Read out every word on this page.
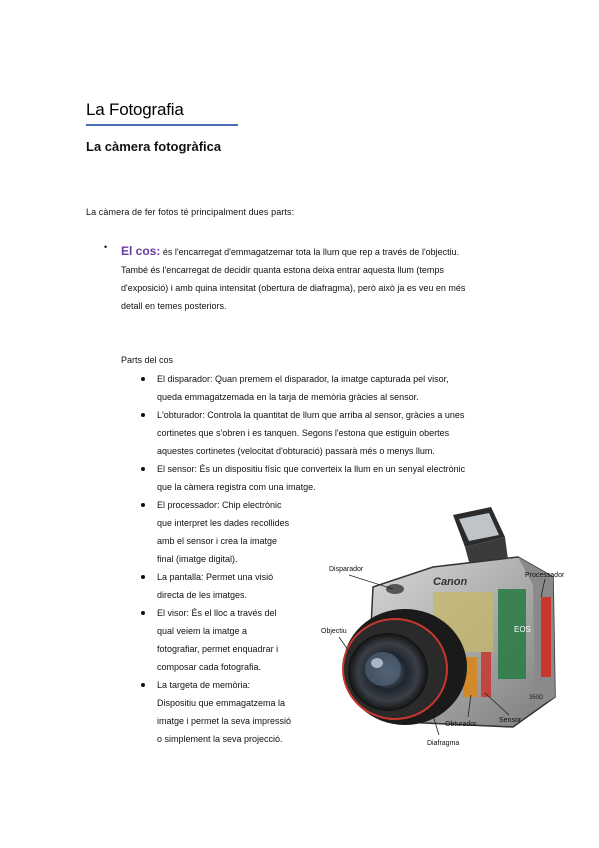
La Fotografia
La càmera fotogràfica
La càmera de fer fotos té principalment dues parts:
• El cos: és l'encarregat d'emmagatzemar tota la llum que rep a través de l'objectiu.
També és l'encarregat de decidir quanta estona deixa entrar aquesta llum (temps
d'exposició) i amb quina intensitat (obertura de diafragma), però això ja es veu en més
detall en temes posteriors.
Parts del cos
El disparador: Quan premem el disparador, la imatge capturada pel visor,
queda emmagatzemada en la tarja de memòria gràcies al sensor.
L'obturador: Controla la quantitat de llum que arriba al sensor, gràcies a unes
cortinetes que s'obren i es tanquen. Segons l'estona que estiguin obertes
aquestes cortinetes (velocitat d'obturació) passarà més o menys llum.
El sensor: És un dispositiu físic que converteix la llum en un senyal electrònic
que la càmera registra com una imatge.
El processador: Chip electrònic
que interpret les dades recollides
amb el sensor i crea la imatge
final (imatge digital).
La pantalla: Permet una visió
directa de les imatges.
El visor: És el lloc a través del
qual veiem la imatge a
fotografiar, permet enquadrar i
composar cada fotografia.
La targeta de memòria:
Dispositiu que emmagatzema la
imatge i permet la seva impressió
o simplement la seva projecció.
Canon
EOS
350D
Disparador
Processador
Objectiu
Obturador
Sensor
Diafragma
